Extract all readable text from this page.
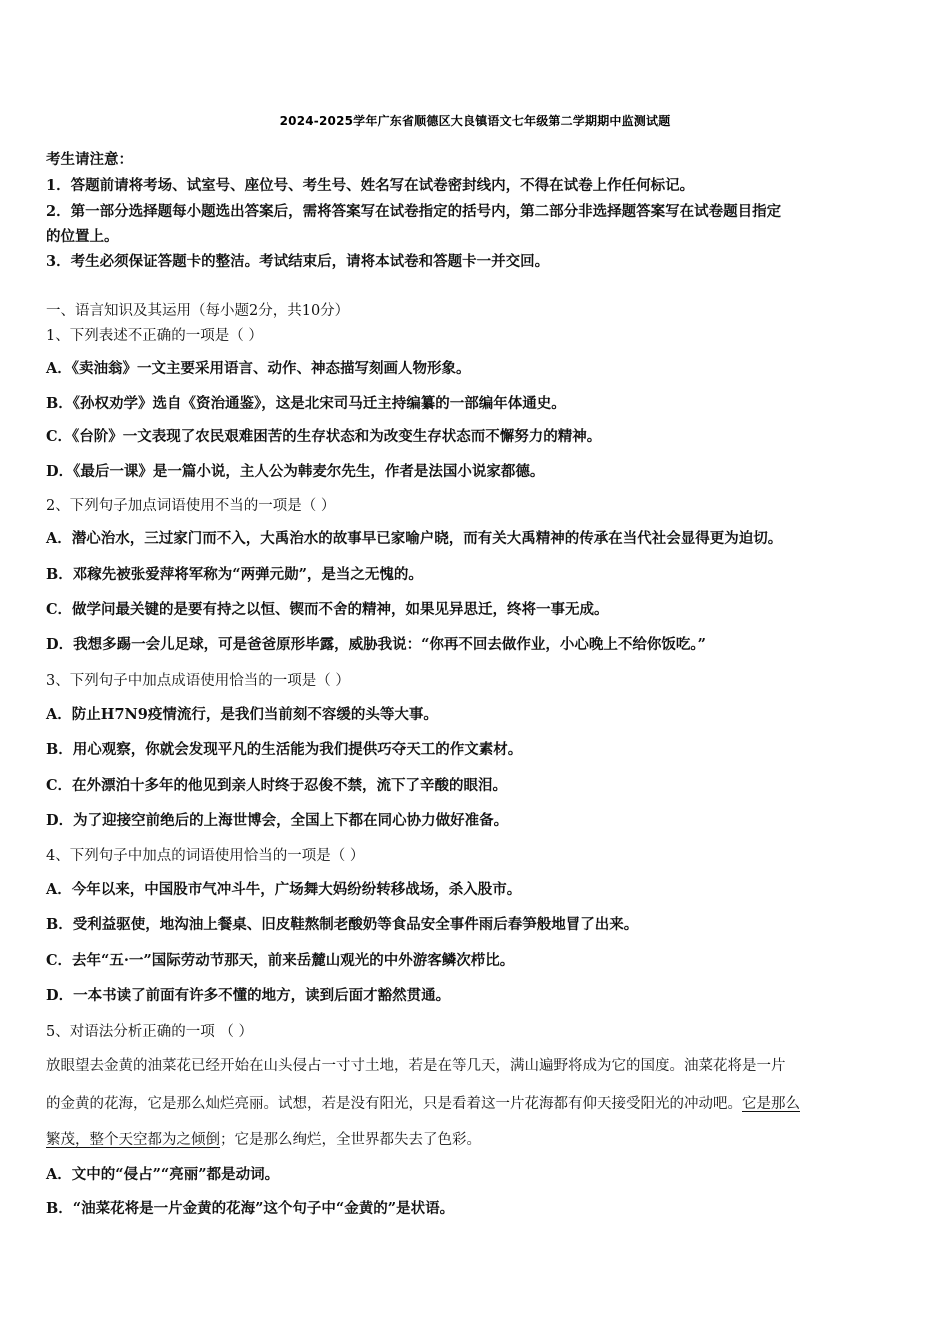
2024-2025学年广东省顺德区大良镇语文七年级第二学期期中监测试题
考生请注意：
1．答题前请将考场、试室号、座位号、考生号、姓名写在试卷密封线内，不得在试卷上作任何标记。
2．第一部分选择题每小题选出答案后，需将答案写在试卷指定的括号内，第二部分非选择题答案写在试卷题目指定
的位置上。
3．考生必须保证答题卡的整洁。考试结束后，请将本试卷和答题卡一并交回。
一、语言知识及其运用（每小题2分，共10分）
1、下列表述不正确的一项是（ ）
A．《卖油翁》一文主要采用语言、动作、神态描写刻画人物形象。
B．《孙权劝学》选自《资治通鉴》，这是北宋司马迁主持编纂的一部编年体通史。
C．《台阶》一文表现了农民艰难困苦的生存状态和为改变生存状态而不懈努力的精神。
D．《最后一课》是一篇小说，主人公为韩麦尔先生，作者是法国小说家都德。
2、下列句子加点词语使用不当的一项是（ ）
A．潜心治水，三过家门而不入，大禹治水的故事早已家喻户晓，而有关大禹精神的传承在当代社会显得更为迫切。
B．邓稼先被张爱萍将军称为“两弹元勋”，是当之无愧的。
C．做学问最关键的是要有持之以恒、锲而不舍的精神，如果见异思迁，终将一事无成。
D．我想多踢一会儿足球，可是爸爸原形毕露，威胁我说：“你再不回去做作业，小心晚上不给你饭吃。”
3、下列句子中加点成语使用恰当的一项是（ ）
A．防止H7N9疫情流行，是我们当前刻不容缓的头等大事。
B．用心观察，你就会发现平凡的生活能为我们提供巧夺天工的作文素材。
C．在外漂泊十多年的他见到亲人时终于忍俊不禁，流下了辛酸的眼泪。
D．为了迎接空前绝后的上海世博会，全国上下都在同心协力做好准备。
4、下列句子中加点的词语使用恰当的一项是（ ）
A．今年以来，中国股市气冲斗牛，广场舞大妈纷纷转移战场，杀入股市。
B．受利益驱使，地沟油上餐桌、旧皮鞋熬制老酸奶等食品安全事件雨后春笋般地冒了出来。
C．去年“五·一”国际劳动节那天，前来岳麓山观光的中外游客鳞次栉比。
D．一本书读了前面有许多不懂的地方，读到后面才豁然贯通。
5、对语法分析正确的一项 （ ）
放眼望去金黄的油菜花已经开始在山头侵占一寸寸土地，若是在等几天，满山遍野将成为它的国度。油菜花将是一片
的金黄的花海，它是那么灿烂亮丽。试想，若是没有阳光，只是看着这一片花海都有仰天接受阳光的冲动吧。它是那么
繁茂，整个天空都为之倾倒；它是那么绚烂，全世界都失去了色彩。
A．文中的“侵占”“亮丽”都是动词。
B．“油菜花将是一片金黄的花海”这个句子中“金黄的”是状语。
